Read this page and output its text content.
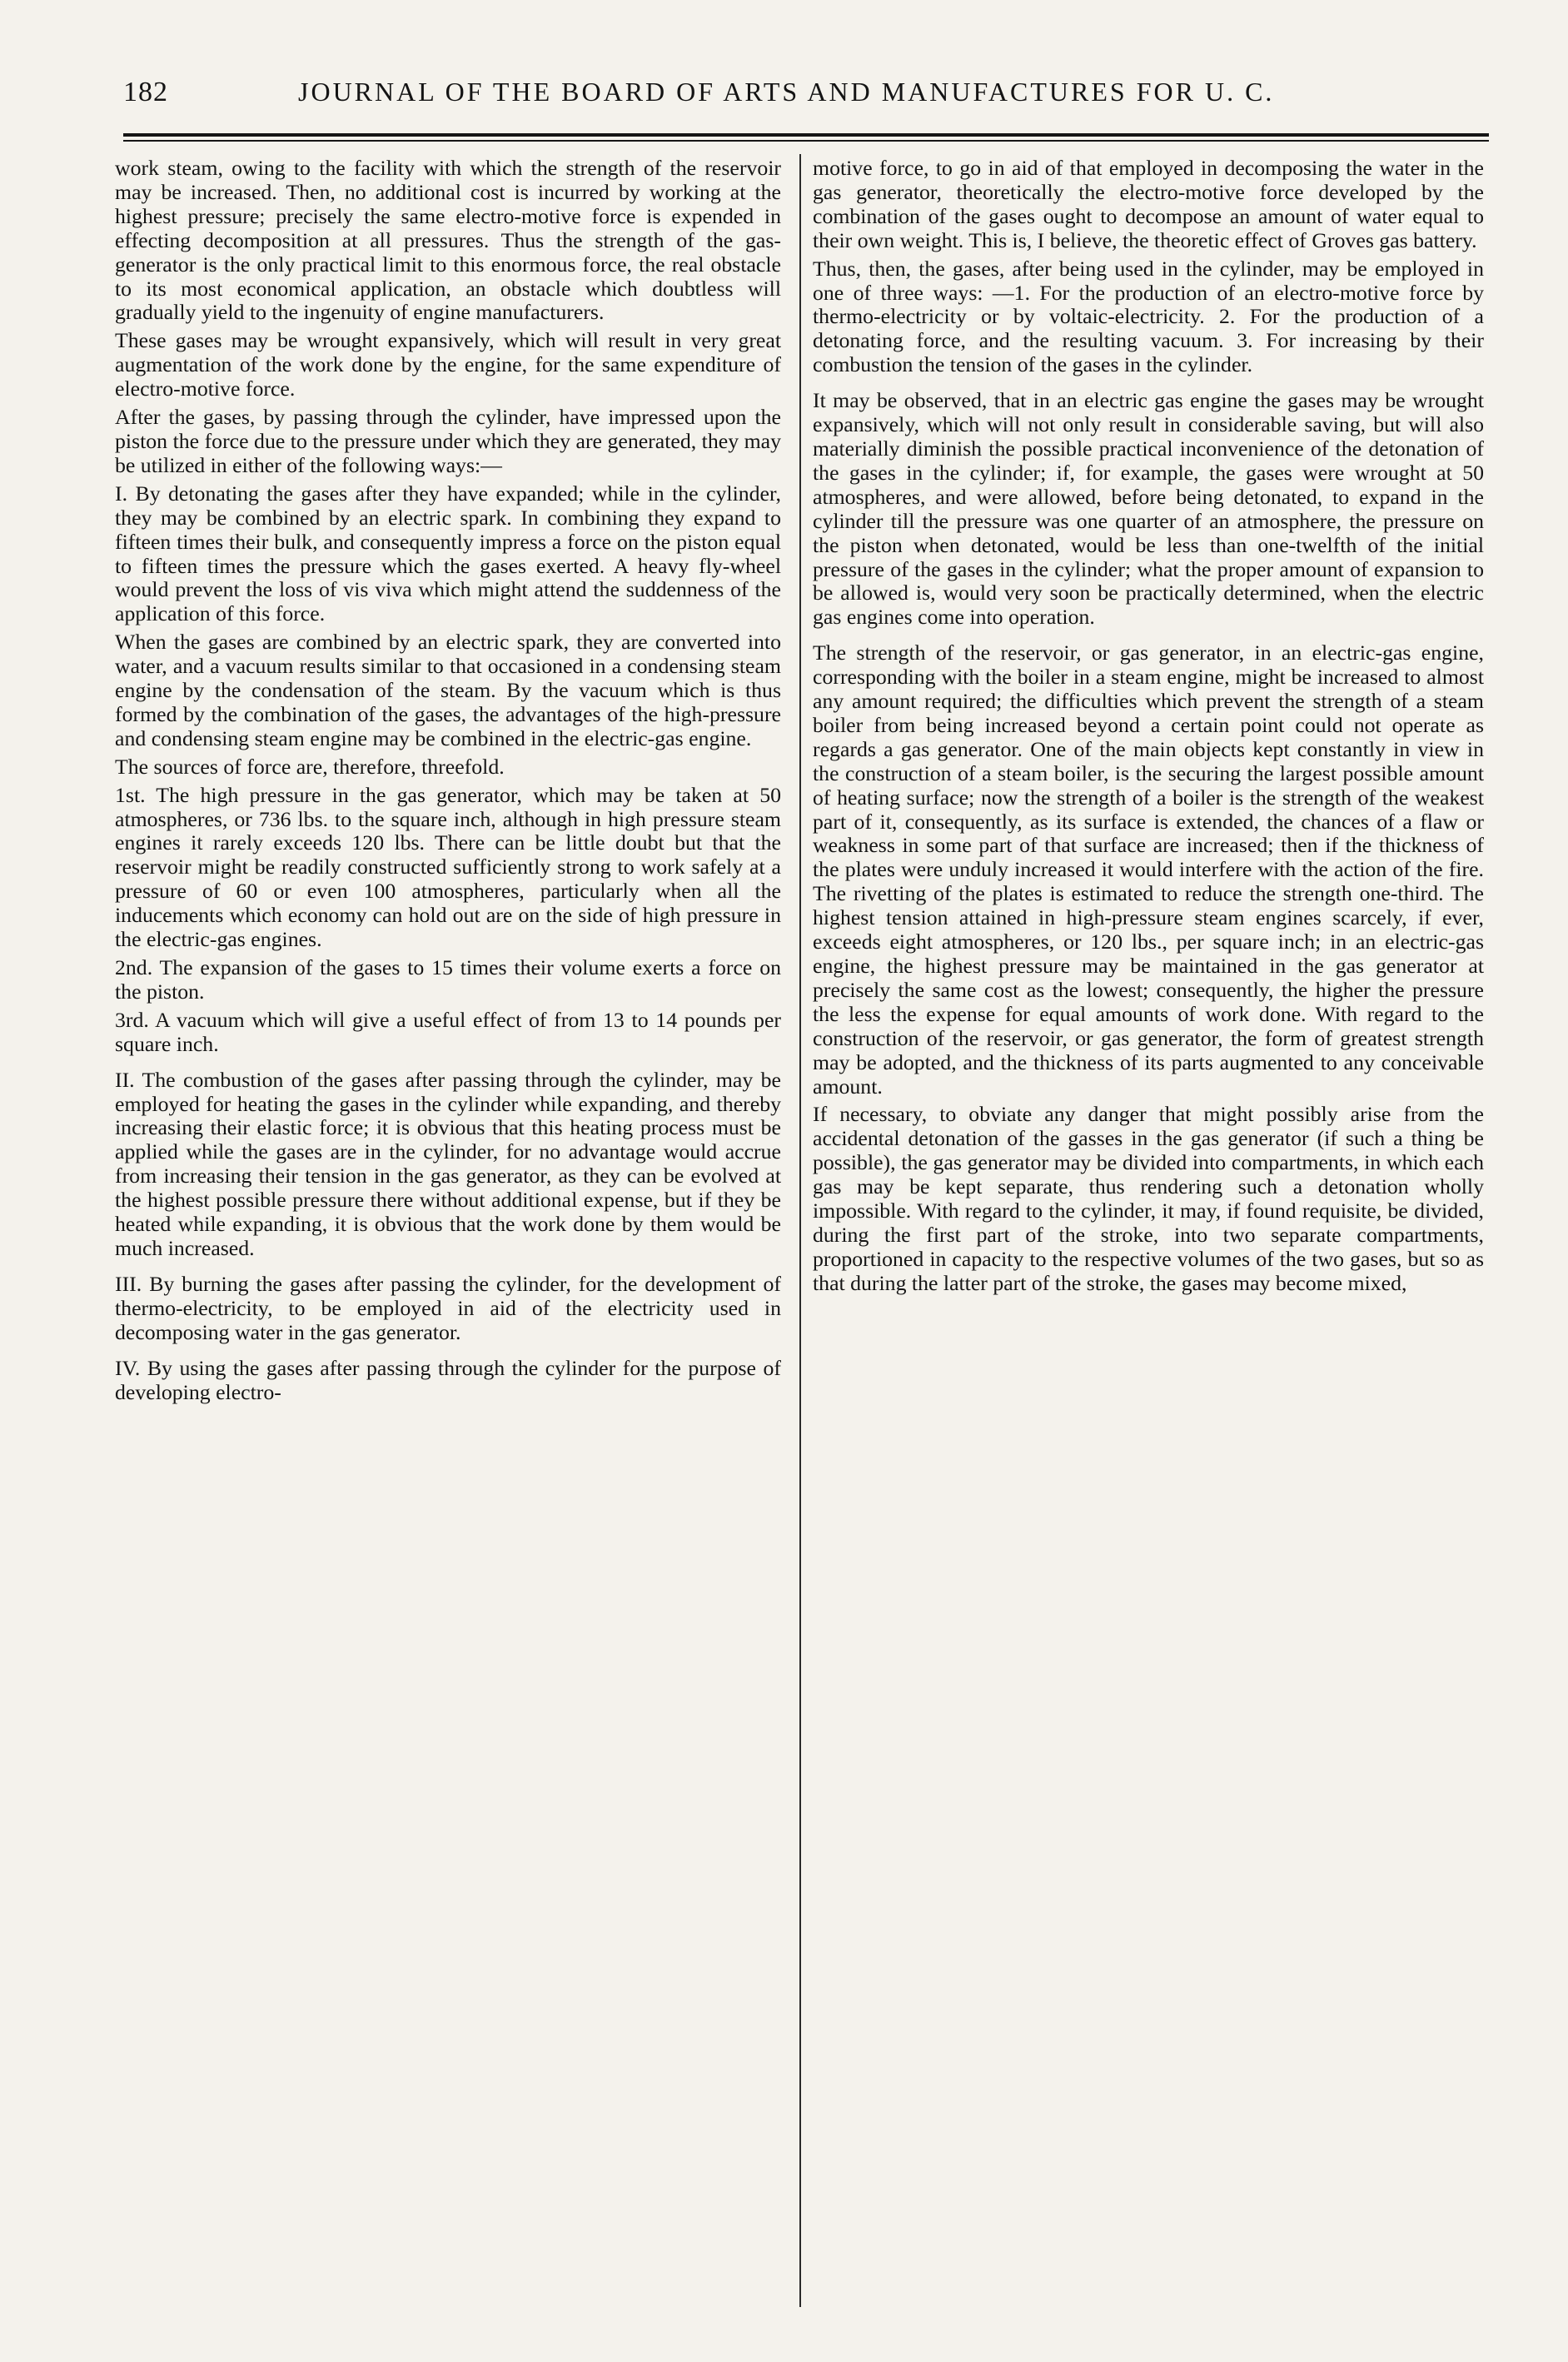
182	JOURNAL OF THE BOARD OF ARTS AND MANUFACTURES FOR U. C.

work steam, owing to the facility with which the strength of the reservoir may be increased. Then, no additional cost is incurred by working at the highest pressure; precisely the same electro-motive force is expended in effecting decomposition at all pressures. Thus the strength of the gas-generator is the only practical limit to this enormous force, the real obstacle to its most economical application, an obstacle which doubtless will gradually yield to the ingenuity of engine manufacturers.

These gases may be wrought expansively, which will result in very great augmentation of the work done by the engine, for the same expenditure of electro-motive force.

After the gases, by passing through the cylinder, have impressed upon the piston the force due to the pressure under which they are generated, they may be utilized in either of the following ways:—

I. By detonating the gases after they have expanded; while in the cylinder, they may be combined by an electric spark. In combining they expand to fifteen times their bulk, and consequently impress a force on the piston equal to fifteen times the pressure which the gases exerted. A heavy fly-wheel would prevent the loss of vis viva which might attend the suddenness of the application of this force.

When the gases are combined by an electric spark, they are converted into water, and a vacuum results similar to that occasioned in a condensing steam engine by the condensation of the steam. By the vacuum which is thus formed by the combination of the gases, the advantages of the high-pressure and condensing steam engine may be combined in the electric-gas engine.

The sources of force are, therefore, threefold.

1st. The high pressure in the gas generator, which may be taken at 50 atmospheres, or 736 lbs. to the square inch, although in high pressure steam engines it rarely exceeds 120 lbs. There can be little doubt but that the reservoir might be readily constructed sufficiently strong to work safely at a pressure of 60 or even 100 atmospheres, particularly when all the inducements which economy can hold out are on the side of high pressure in the electric-gas engines.

2nd. The expansion of the gases to 15 times their volume exerts a force on the piston.

3rd. A vacuum which will give a useful effect of from 13 to 14 pounds per square inch.

II. The combustion of the gases after passing through the cylinder, may be employed for heating the gases in the cylinder while expanding, and thereby increasing their elastic force; it is obvious that this heating process must be applied while the gases are in the cylinder, for no advantage would accrue from increasing their tension in the gas generator, as they can be evolved at the highest possible pressure there without additional expense, but if they be heated while expanding, it is obvious that the work done by them would be much increased.

III. By burning the gases after passing the cylinder, for the development of thermo-electricity, to be employed in aid of the electricity used in decomposing water in the gas generator.

IV. By using the gases after passing through the cylinder for the purpose of developing electro-

motive force, to go in aid of that employed in decomposing the water in the gas generator, theoretically the electro-motive force developed by the combination of the gases ought to decompose an amount of water equal to their own weight. This is, I believe, the theoretic effect of Groves gas battery.

Thus, then, the gases, after being used in the cylinder, may be employed in one of three ways: —1. For the production of an electro-motive force by thermo-electricity or by voltaic-electricity. 2. For the production of a detonating force, and the resulting vacuum. 3. For increasing by their combustion the tension of the gases in the cylinder.

It may be observed, that in an electric gas engine the gases may be wrought expansively, which will not only result in considerable saving, but will also materially diminish the possible practical inconvenience of the detonation of the gases in the cylinder; if, for example, the gases were wrought at 50 atmospheres, and were allowed, before being detonated, to expand in the cylinder till the pressure was one quarter of an atmosphere, the pressure on the piston when detonated, would be less than one-twelfth of the initial pressure of the gases in the cylinder; what the proper amount of expansion to be allowed is, would very soon be practically determined, when the electric gas engines come into operation.

The strength of the reservoir, or gas generator, in an electric-gas engine, corresponding with the boiler in a steam engine, might be increased to almost any amount required; the difficulties which prevent the strength of a steam boiler from being increased beyond a certain point could not operate as regards a gas generator. One of the main objects kept constantly in view in the construction of a steam boiler, is the securing the largest possible amount of heating surface; now the strength of a boiler is the strength of the weakest part of it, consequently, as its surface is extended, the chances of a flaw or weakness in some part of that surface are increased; then if the thickness of the plates were unduly increased it would interfere with the action of the fire. The rivetting of the plates is estimated to reduce the strength one-third. The highest tension attained in high-pressure steam engines scarcely, if ever, exceeds eight atmospheres, or 120 lbs., per square inch; in an electric-gas engine, the highest pressure may be maintained in the gas generator at precisely the same cost as the lowest; consequently, the higher the pressure the less the expense for equal amounts of work done. With regard to the construction of the reservoir, or gas generator, the form of greatest strength may be adopted, and the thickness of its parts augmented to any conceivable amount.

If necessary, to obviate any danger that might possibly arise from the accidental detonation of the gasses in the gas generator (if such a thing be possible), the gas generator may be divided into compartments, in which each gas may be kept separate, thus rendering such a detonation wholly impossible. With regard to the cylinder, it may, if found requisite, be divided, during the first part of the stroke, into two separate compartments, proportioned in capacity to the respective volumes of the two gases, but so as that during the latter part of the stroke, the gases may become mixed,
